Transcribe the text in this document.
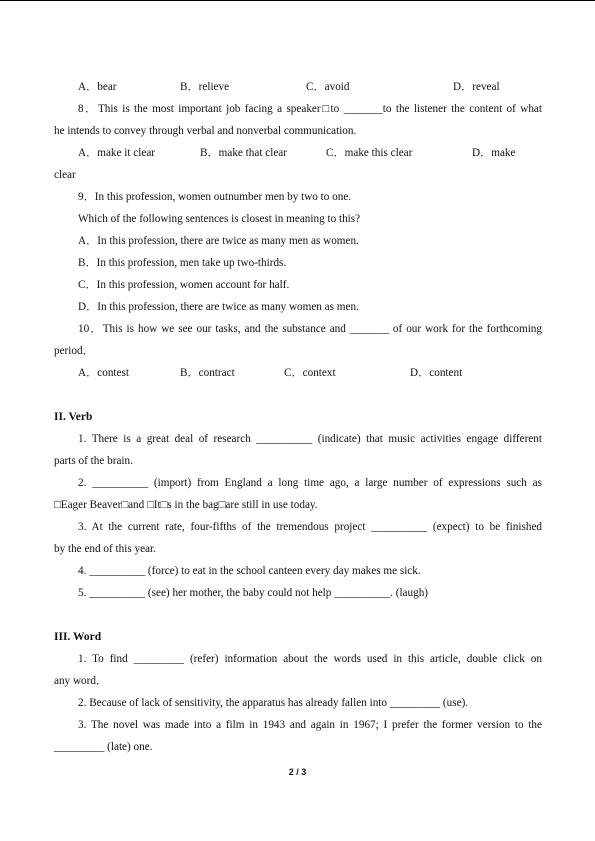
A．bear	B．relieve	C．avoid	D．reveal
8．This is the most important job facing a speaker□to _______to the listener the content of what
he intends to convey through verbal and nonverbal communication.
A．make it clear	B．make that clear	C．make this clear	D．make
clear
9．In this profession, women outnumber men by two to one.
Which of the following sentences is closest in meaning to this?
A．In this profession, there are twice as many men as women.
B．In this profession, men take up two-thirds.
C．In this profession, women account for half.
D．In this profession, there are twice as many women as men.
10．This is how we see our tasks, and the substance and _______ of our work for the forthcoming
period．
A．contest	B．contract	C．context	D．content
II. Verb
1. There is a great deal of research __________ (indicate) that music activities engage different
parts of the brain.
2. __________ (import) from England a long time ago, a large number of expressions such as
□Eager Beaver□and □It□s in the bag□are still in use today.
3. At the current rate, four-fifths of the tremendous project __________ (expect) to be finished
by the end of this year.
4. __________ (force) to eat in the school canteen every day makes me sick.
5. __________ (see) her mother, the baby could not help __________. (laugh)
III. Word
1. To find _________ (refer) information about the words used in this article, double click on
any word．
2. Because of lack of sensitivity, the apparatus has already fallen into _________ (use).
3. The novel was made into a film in 1943 and again in 1967; I prefer the former version to the
_________ (late) one.
2 / 3
